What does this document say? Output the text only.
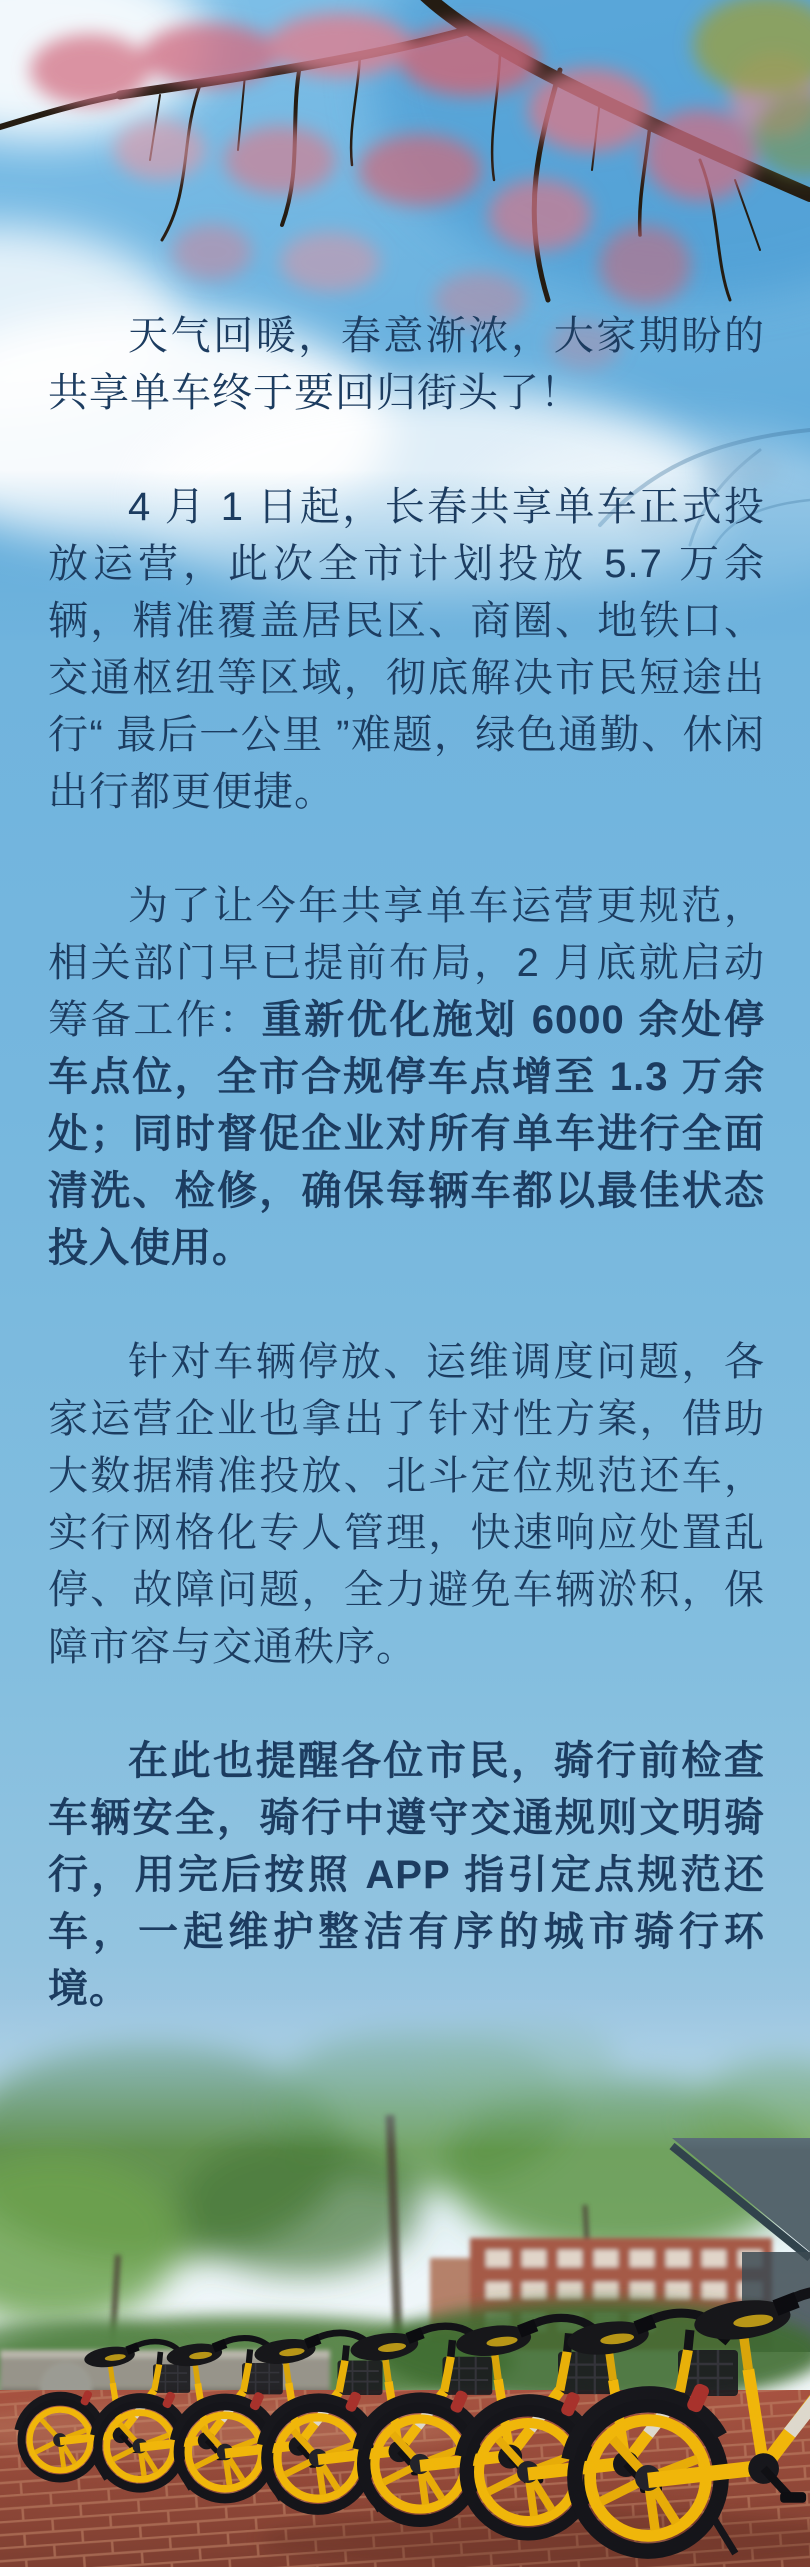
天气回暖，春意渐浓，大家期盼的共享单车终于要回归街头了！

4 月 1 日起，长春共享单车正式投放运营，此次全市计划投放 5.7 万余辆，精准覆盖居民区、商圈、地铁口、交通枢纽等区域，彻底解决市民短途出行“ 最后一公里 ”难题，绿色通勤、休闲出行都更便捷。

为了让今年共享单车运营更规范，相关部门早已提前布局，2 月底就启动筹备工作：重新优化施划 6000 余处停车点位，全市合规停车点增至 1.3 万余处；同时督促企业对所有单车进行全面清洗、检修，确保每辆车都以最佳状态投入使用。

针对车辆停放、运维调度问题，各家运营企业也拿出了针对性方案，借助大数据精准投放、北斗定位规范还车，实行网格化专人管理，快速响应处置乱停、故障问题，全力避免车辆淤积，保障市容与交通秩序。

在此也提醒各位市民，骑行前检查车辆安全，骑行中遵守交通规则文明骑行，用完后按照 APP 指引定点规范还车，一起维护整洁有序的城市骑行环境。
